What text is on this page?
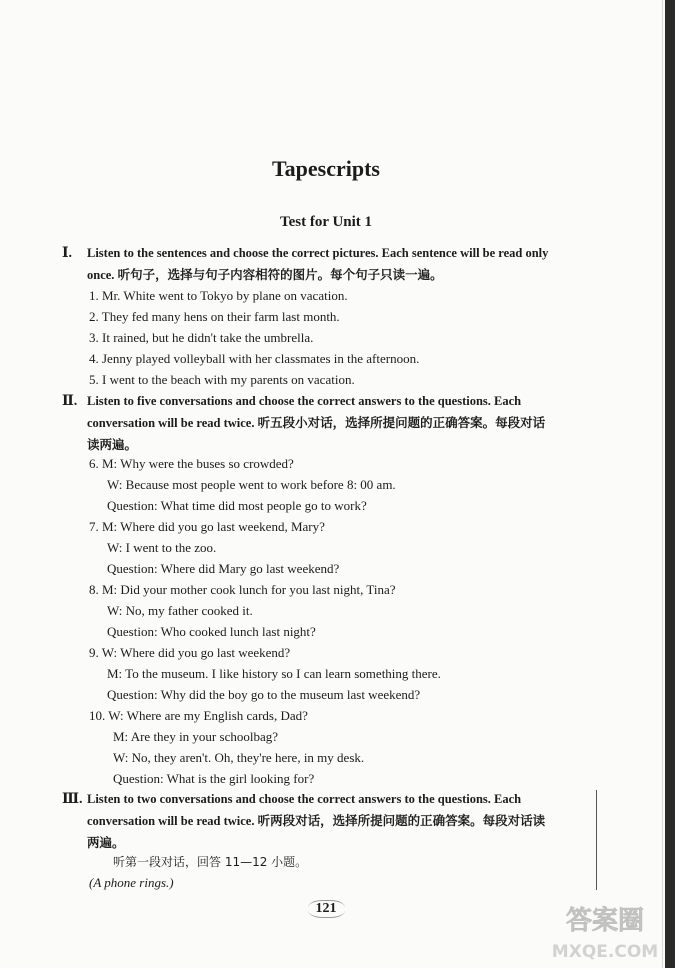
Tapescripts
Test for Unit 1
Ⅰ. Listen to the sentences and choose the correct pictures. Each sentence will be read only
once. 听句子，选择与句子内容相符的图片。每个句子只读一遍。
1. Mr. White went to Tokyo by plane on vacation.
2. They fed many hens on their farm last month.
3. It rained, but he didn't take the umbrella.
4. Jenny played volleyball with her classmates in the afternoon.
5. I went to the beach with my parents on vacation.
Ⅱ. Listen to five conversations and choose the correct answers to the questions. Each
conversation will be read twice. 听五段小对话，选择所提问题的正确答案。每段对话
读两遍。
6. M: Why were the buses so crowded?
W: Because most people went to work before 8: 00 am.
Question: What time did most people go to work?
7. M: Where did you go last weekend, Mary?
W: I went to the zoo.
Question: Where did Mary go last weekend?
8. M: Did your mother cook lunch for you last night, Tina?
W: No, my father cooked it.
Question: Who cooked lunch last night?
9. W: Where did you go last weekend?
M: To the museum. I like history so I can learn something there.
Question: Why did the boy go to the museum last weekend?
10. W: Where are my English cards, Dad?
M: Are they in your schoolbag?
W: No, they aren't. Oh, they're here, in my desk.
Question: What is the girl looking for?
Ⅲ. Listen to two conversations and choose the correct answers to the questions. Each
conversation will be read twice. 听两段对话，选择所提问题的正确答案。每段对话读
两遍。
听第一段对话，回答 11—12 小题。
(A phone rings.)
121	答案圈
MXQE.COM
